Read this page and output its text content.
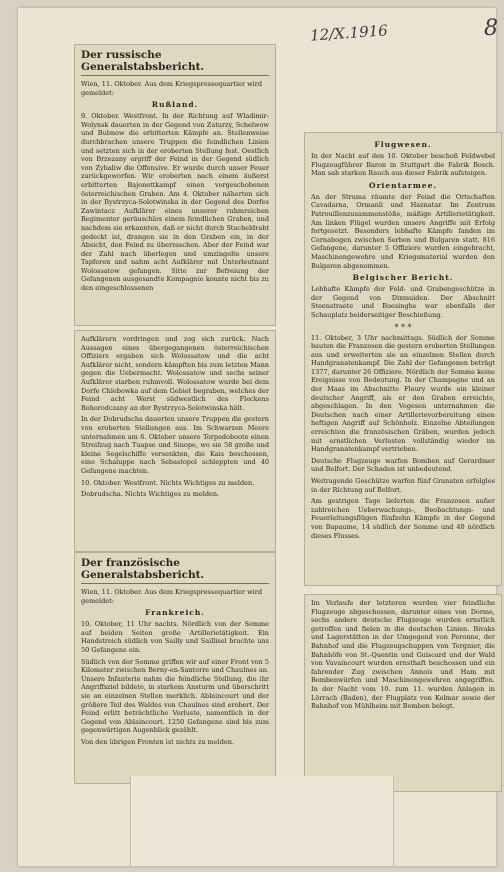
12/X.1916	8
Der russische Generalstabsbericht.
Wien, 11. Oktober. Aus dem Kriegspressequartier wird gemeldet:
Rußland.

9. Oktober. Westfront. In der Richtung auf Wladimir-Wolynsk dauerten in der Gegend von Zaturzy, Schelwow und Bubnow die erbitterten Kämpfe an. Stellenweise durchbrachen unsere Truppen die feindlichen Linien und setzten sich in der eroberten Stellung fest. Oestlich von Brzezany ergriff der Feind in der Gegend südlich von Zybaliw die Offensive. Er wurde durch unser Feuer zurückgeworfen. Wir eroberten nach einem äußerst erbitterten Bajonettkampf einen vorgeschobenen österreichischen Graben. Am 4. Oktober näherten sich in der Bystrzyca-Solotwinska in der Gegend des Dorfes Zawintacz Aufklärer eines unserer ruhmreichen Regimenter geräuschlos einem feindlichen Graben, und nachdem sie erkannten, daß er nicht durch Stacheldraht gedeckt ist, drangen sie in den Graben ein, in der Absicht, den Feind zu überraschen. Aber der Feind war der Zahl nach überlegen und umzingelte unsere Tapferen und nahm acht Aufklärer mit Unterleutnant Wolossatow gefangen. Sitte zur Befreiung der Gefangenen ausgesandte Kompagnie konnte nicht bis zu den eingeschlossenen

Aufklärern vordringen und zog sich zurück. Nach Aussagen eines übergegangenen österreichischen Offiziers ergaben sich Wolossatow und die acht Aufklärer nicht, sondern kämpften bis zum letzten Mann gegen die Uebermacht. Wolossatow und sechs seiner Aufklärer starben ruhmvoll. Wolossatow wurde bei dem Dorfe Chlebowka auf dem Gebiet begraben, welches der Feind acht Werst südwestlich des Fleckens Bohorodczany an der Bystrzyca-Solotwinska hält.

In der Dobrudscha dauerten unsere Truppen die gestern von eroberten Stellungen aus. Im Schwarzen Meere unternahmen am 6. Oktober unsere Torpedoboote einen Streifzug nach Tuapse und Sinope, wo sie 58 große und kleine Segelschiffe versenkten, die Kais beschossen, eine Schaluppe nach Sebastopol schleppten und 40 Gefangene machten.

10. Oktober. Westfront. Nichts Wichtiges zu melden.

Dobrudscha. Nichts Wichtiges zu melden.

Der französische Generalstabsbericht.
Wien, 11. Oktober. Aus dem Kriegspressequartier wird gemeldet:
Frankreich.

10. Oktober, 11 Uhr nachts. Nördlich von der Somme auf beiden Seiten große Artillerietätigkeit. Ein Handstreich südlich von Sailly und Saillisel brachte uns 50 Gefangene ein.

Südlich von der Somme griffen wir auf einer Front von 5 Kilometer zwischen Berny-en-Santerre und Chaulnes an. Unsere Infanterie nahm die feindliche Stellung, die ihr Angriffsziel bildete, in starkem Ansturm und überschritt sie an einzelnen Stellen merklich. Ablaincourt und der größere Teil des Waldes von Chaulnes sind erobert. Der Feind erlitt beträchtliche Verluste, namentlich in der Gegend von Ablaincourt. 1250 Gefangene sind bis zum gegenwärtigen Augenblick gezählt.

Von den übrigen Fronten ist nichts zu melden.

Flugwesen.

In der Nacht auf den 10. Oktober beschoß Feldwebel Flugzeugführer Baron in Stuttgart die Fabrik Bosch. Man sah starken Rauch aus dieser Fabrik aufsteigen.

Orientarmee.

An der Struma räumte der Feind die Ortschaften Cavadarna, Ormanli und Haznatar. Im Zentrum Patrouillenzusammenstöße, mäßige Artillerietätigkeit. Am linken Flügel wurden unsere Angriffe mit Erfolg fortgesetzt. Besonders lebhafte Kämpfe fanden im Cernabogen zwischen Serben und Bulgaren statt. 816 Gefangene, darunter 5 Offiziere wurden eingebracht, Maschinengewehre und Kriegsmaterial wurden den Bulgaren abgenommen.

Belgischer Bericht.

Lebhafte Kämpfe der Feld- und Grabengeschütze in der Gegend von Dixmuiden. Der Abschnitt Steenstraete und Boesinghe war ebenfalls der Schauplatz beiderseitiger Beschießung.

* * *

11. Oktober, 3 Uhr nachmittags. Südlich der Somme bauten die Franzosen die gestern eroberten Stellungen aus und erweiterten sie an einzelnen Stellen durch Handgranatenkampf. Die Zahl der Gefangenen beträgt 1377, darunter 26 Offiziere. Nördlich der Somme keine Ereignisse von Bedeutung. In der Champagne und an der Maas im Abschnitte Fleury wurde ein kleiner deutscher Angriff, als er den Graben erreichte, abgeschlagen. In den Vogesen unternahmen die Deutschen nach einer Artillerievorbereitung einen heftigen Angriff auf Schönholz. Einzelne Abteilungen erreichten die französischen Gräben, wurden jedoch mit ernstlichen Verlusten vollständig wieder im Handgranatenkampf vertrieben.

Deutsche Flugzeuge warfen Bomben auf Gerardmer und Belfort. Der Schaden ist unbedeutend.

Weitragende Geschütze warfen fünf Granaten erfolglos in der Richtung auf Belfort.

Am gestrigen Tage lieferten die Franzosen außer zahlreichen Ueberwachungs-, Beobachtungs- und Feuerleitungsflügen fünfzehn Kämpfe in der Gegend von Bapaume, 14 südlich der Somme und 40 nördlich dieses Flusses.

Im Verlaufe der letzteren wurden vier feindliche Flugzeuge abgeschossen, darunter eines von Dorme, sechs andere deutsche Flugzeuge wurden ernstlich getroffen und fielen in die deutschen Linien. Bivaks und Lagerstätten in der Umgegend von Peronne, der Bahnhof und die Flugzeugschuppen von Tergnier, die Bahnhöfe von St.-Quentin und Guiscard und der Wald von Vavaincourt wurden ernsthaft beschossen und ein fahrender Zug zwischen Annois und Ham mit Bombenwürfen und Maschinengewehren angegriffen. In der Nacht vom 10. zum 11. wurden Anlagen in Lörrach (Baden), der Flugplatz von Kolmar sowie der Bahnhof von Mühlheim mit Bomben belegt.
